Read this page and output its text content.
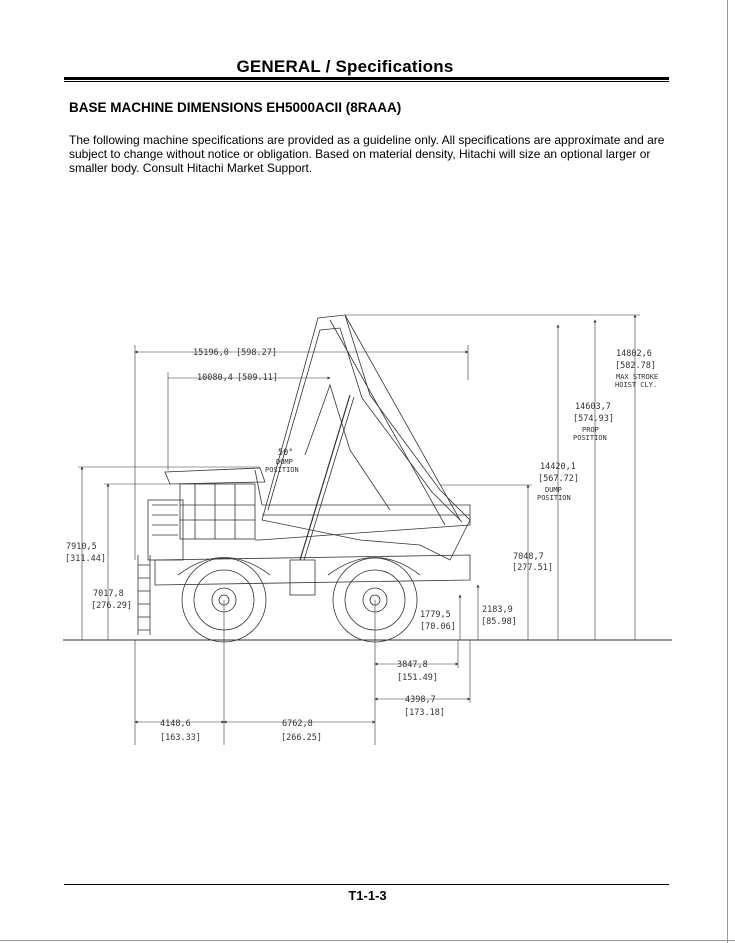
GENERAL / Specifications
BASE MACHINE DIMENSIONS EH5000ACII (8RAAA)
The following machine specifications are provided as a guideline only. All specifications are approximate and are subject to change without notice or obligation. Based on material density, Hitachi will size an optional larger or smaller body. Consult Hitachi Market Support.
15196,0 [598.27]
10080,4 [509.11]
50°
DUMP
POSITION
14802,6
[582.78]
MAX STROKE
HOIST CLY.
14603,7
[574.93]
PROP
POSITION
14420,1
[567.72]
DUMP
POSITION
7048,7
[277.51]
7910,5
[311.44]
7017,8
[276.29]
1779,5
[70.06]
2183,9
[85.98]
3847,8
[151.49]
4398,7
[173.18]
4148,6
[163.33]
6762,8
[266.25]
T1-1-3
